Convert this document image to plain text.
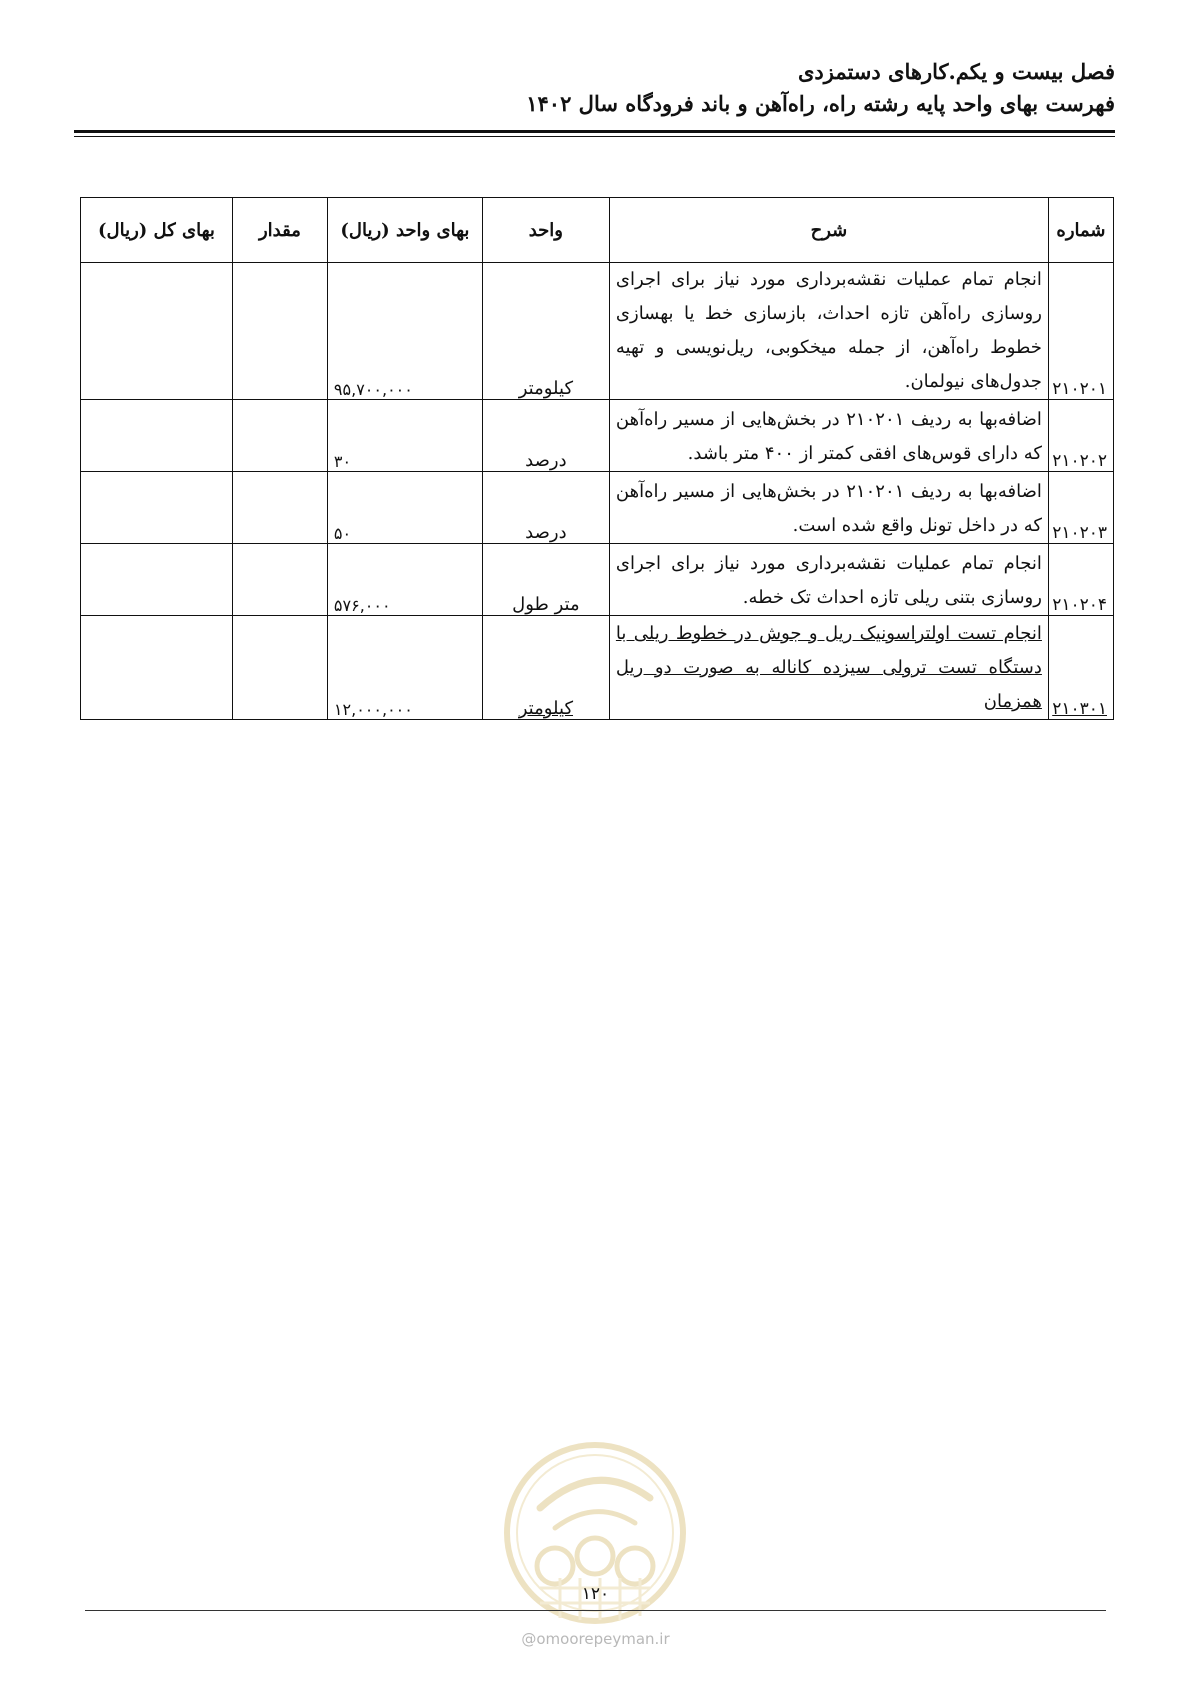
فصل بیست و یکم.کارهای دستمزدی
فهرست بهای واحد پایه رشته راه، راه‌آهن و باند فرودگاه سال ۱۴۰۲
شماره	شرح	واحد	بهای واحد (ریال)	مقدار	بهای کل (ریال)
۲۱۰۲۰۱	انجام تمام عملیات نقشه‌برداری مورد نیاز برای اجرای روسازی راه‌آهن تازه احداث، بازسازی خط یا بهسازی خطوط راه‌آهن، از جمله میخکوبی، ریل‌نویسی و تهیه جدول‌های نیولمان.	کیلومتر	۹۵,۷۰۰,۰۰۰		
۲۱۰۲۰۲	اضافه‌بها به ردیف ۲۱۰۲۰۱ در بخش‌هایی از مسیر راه‌آهن که دارای قوس‌های افقی کمتر از ۴۰۰ متر باشد.	درصد	۳۰		
۲۱۰۲۰۳	اضافه‌بها به ردیف ۲۱۰۲۰۱ در بخش‌هایی از مسیر راه‌آهن که در داخل تونل واقع شده است.	درصد	۵۰		
۲۱۰۲۰۴	انجام تمام عملیات نقشه‌برداری مورد نیاز برای اجرای روسازی بتنی ریلی تازه احداث تک خطه.	متر طول	۵۷۶,۰۰۰		
۲۱۰۳۰۱	انجام تست اولتراسونیک ریل و جوش در خطوط ریلی با دستگاه تست ترولی سیزده کاناله به صورت دو ریل همزمان	کیلومتر	۱۲,۰۰۰,۰۰۰		
۱۲۰
@omoorepeyman.ir
